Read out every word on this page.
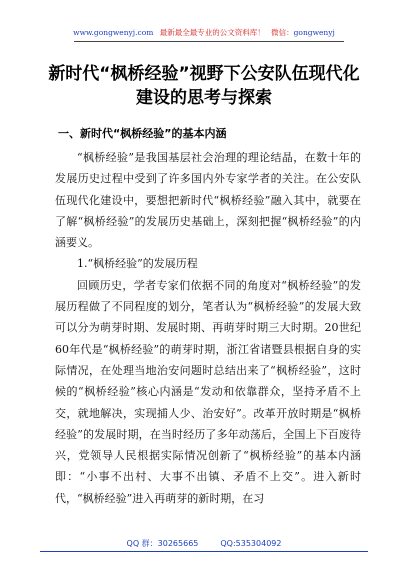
www.gongwenyj.com 最新最全最专业的公文资料库！ 微信：gongwenyj
新时代“枫桥经验”视野下公安队伍现代化建设的思考与探索
一、新时代“枫桥经验”的基本内涵

“枫桥经验”是我国基层社会治理的理论结晶，在数十年的发展历史过程中受到了许多国内外专家学者的关注。在公安队伍现代化建设中，要想把新时代“枫桥经验”融入其中，就要在了解“枫桥经验”的发展历史基础上，深刻把握“枫桥经验”的内涵要义。

1.“枫桥经验”的发展历程

回顾历史，学者专家们依据不同的角度对“枫桥经验”的发展历程做了不同程度的划分，笔者认为“枫桥经验”的发展大致可以分为萌芽时期、发展时期、再萌芽时期三大时期。20世纪60年代是“枫桥经验”的萌芽时期，浙江省诸暨县根据自身的实际情况，在处理当地治安问题时总结出来了“枫桥经验”，这时候的“枫桥经验”核心内涵是“发动和依靠群众，坚持矛盾不上交，就地解决，实现捕人少、治安好”。改革开放时期是“枫桥经验”的发展时期，在当时经历了多年动荡后，全国上下百废待兴，党领导人民根据实际情况创新了“枫桥经验”的基本内涵即：“小事不出村、大事不出镇、矛盾不上交”。进入新时代，“枫桥经验”进入再萌芽的新时期，在习

QQ 群：30265665	QQ:535304092
